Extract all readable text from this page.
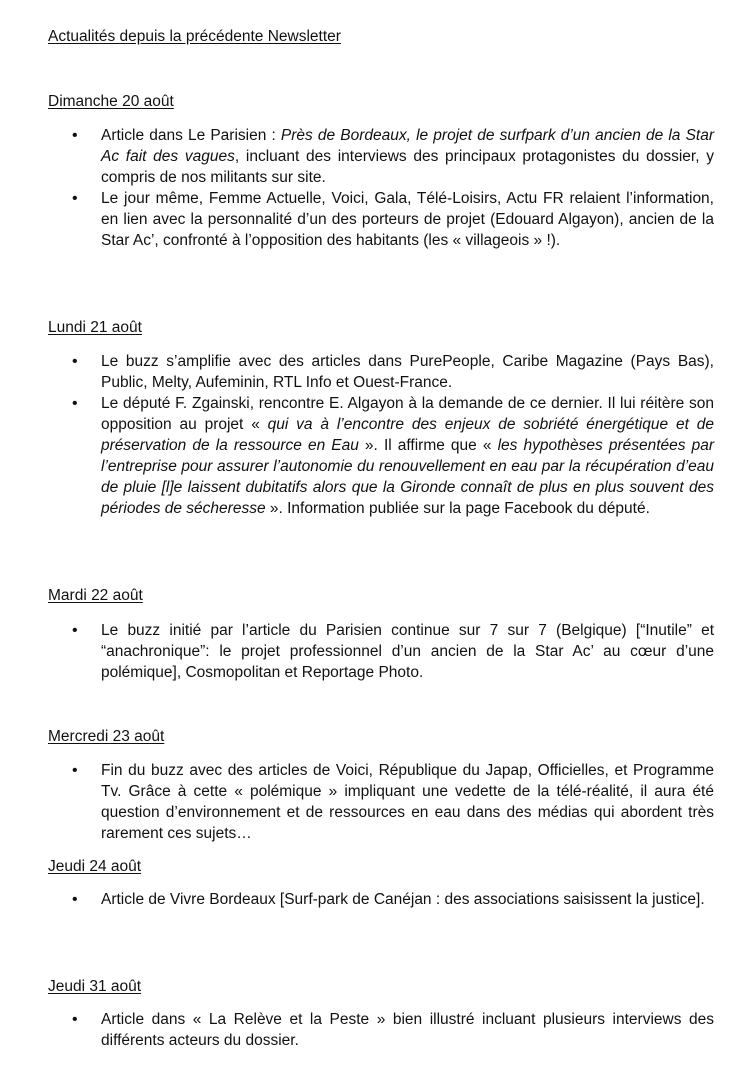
Actualités depuis la précédente Newsletter
Dimanche 20 août
• Article dans Le Parisien : Près de Bordeaux, le projet de surfpark d’un ancien de la Star Ac fait des vagues, incluant des interviews des principaux protagonistes du dossier, y compris de nos militants sur site.
• Le jour même, Femme Actuelle, Voici, Gala, Télé-Loisirs, Actu FR relaient l’information, en lien avec la personnalité d’un des porteurs de projet (Edouard Algayon), ancien de la Star Ac’, confronté à l’opposition des habitants (les « villageois » !).
Lundi 21 août
• Le buzz s’amplifie avec des articles dans PurePeople, Caribe Magazine (Pays Bas), Public, Melty, Aufeminin, RTL Info et Ouest-France.
• Le député F. Zgainski, rencontre E. Algayon à la demande de ce dernier. Il lui réitère son opposition au projet « qui va à l’encontre des enjeux de sobriété énergétique et de préservation de la ressource en Eau ». Il affirme que « les hypothèses présentées par l’entreprise pour assurer l’autonomie du renouvellement en eau par la récupération d’eau de pluie [l]e laissent dubitatifs alors que la Gironde connaît de plus en plus souvent des périodes de sécheresse ». Information publiée sur la page Facebook du député.
Mardi 22 août
• Le buzz initié par l’article du Parisien continue sur 7 sur 7 (Belgique) [“Inutile” et “anachronique”: le projet professionnel d’un ancien de la Star Ac’ au cœur d’une polémique], Cosmopolitan et Reportage Photo.
Mercredi 23 août
• Fin du buzz avec des articles de Voici, République du Japap, Officielles, et Programme Tv. Grâce à cette « polémique » impliquant une vedette de la télé-réalité, il aura été question d’environnement et de ressources en eau dans des médias qui abordent très rarement ces sujets…
Jeudi 24 août
• Article de Vivre Bordeaux [Surf-park de Canéjan : des associations saisissent la justice].
Jeudi 31 août
• Article dans « La Relève et la Peste » bien illustré incluant plusieurs interviews des différents acteurs du dossier.
